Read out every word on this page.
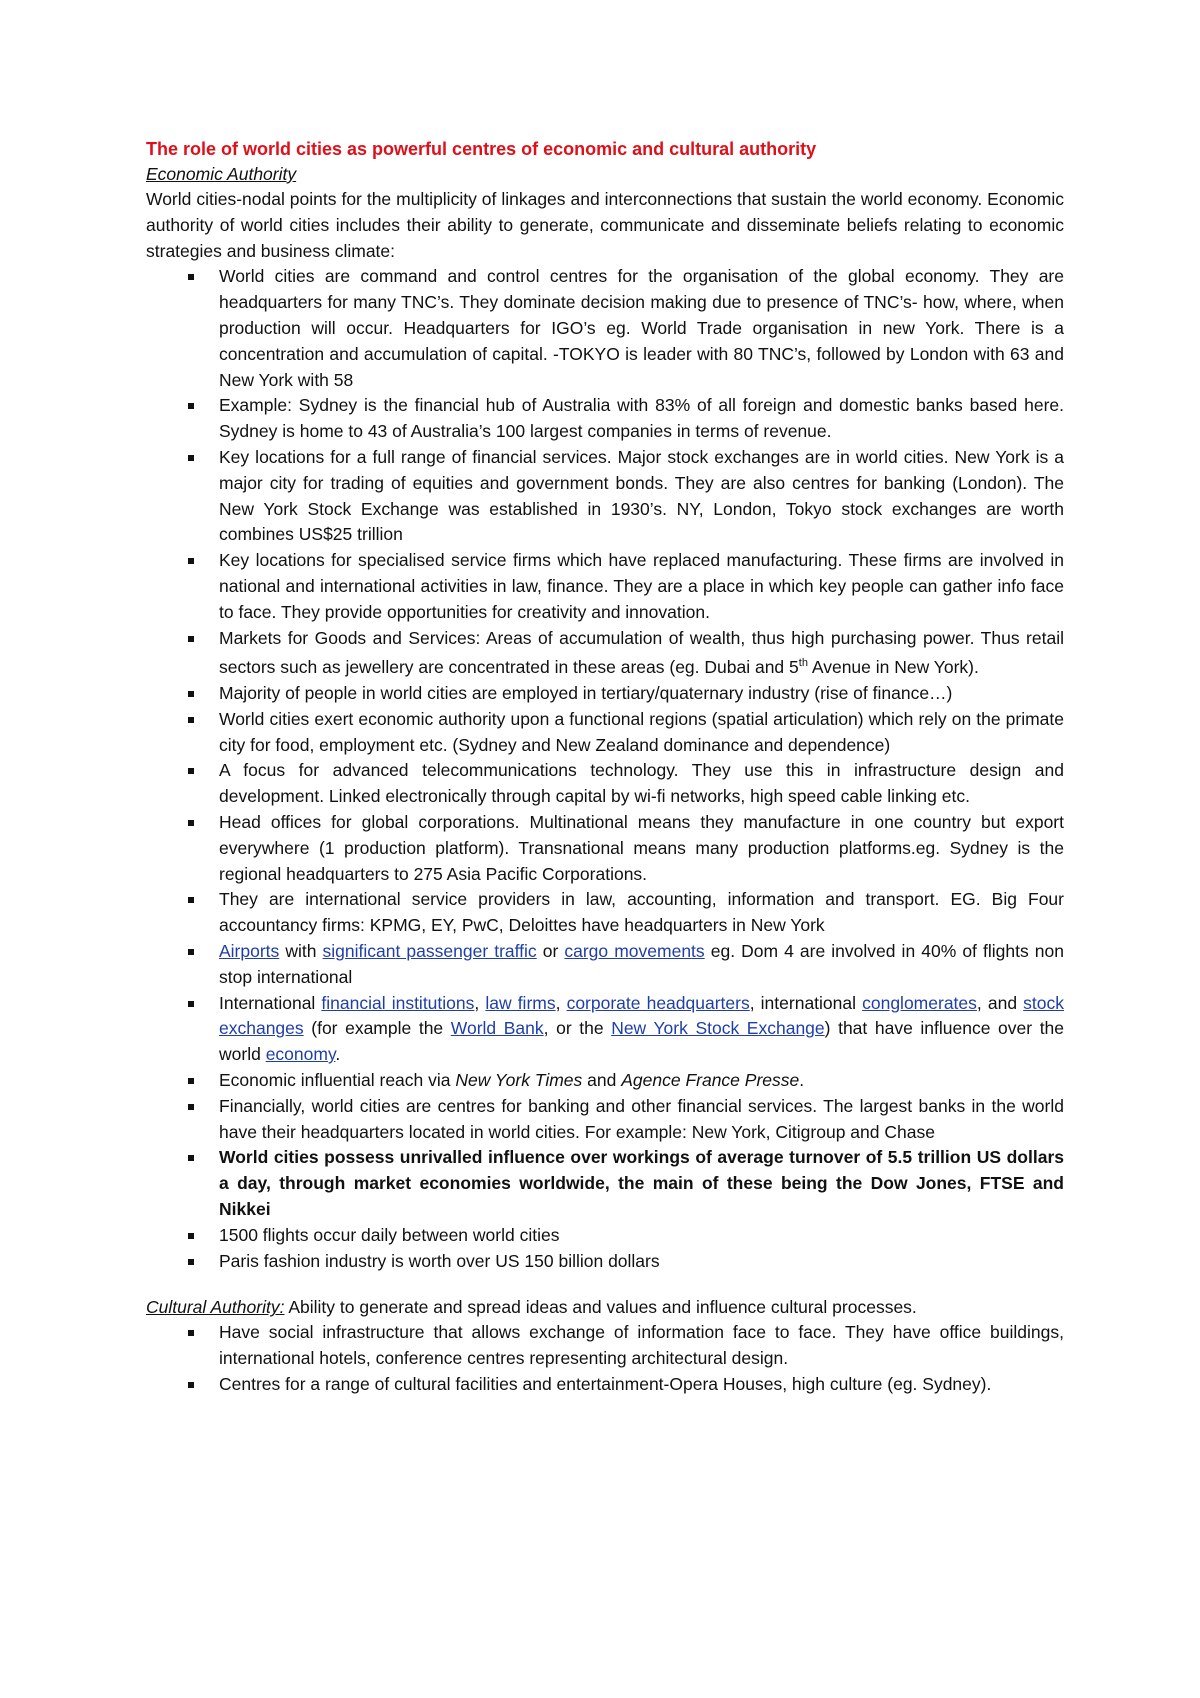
The role of world cities as powerful centres of economic and cultural authority
Economic Authority
World cities-nodal points for the multiplicity of linkages and interconnections that sustain the world economy. Economic authority of world cities includes their ability to generate, communicate and disseminate beliefs relating to economic strategies and business climate:
World cities are command and control centres for the organisation of the global economy. They are headquarters for many TNC’s. They dominate decision making due to presence of TNC’s- how, where, when production will occur. Headquarters for IGO’s eg. World Trade organisation in new York. There is a concentration and accumulation of capital. -TOKYO is leader with 80 TNC’s, followed by London with 63 and New York with 58
Example: Sydney is the financial hub of Australia with 83% of all foreign and domestic banks based here. Sydney is home to 43 of Australia’s 100 largest companies in terms of revenue.
Key locations for a full range of financial services. Major stock exchanges are in world cities. New York is a major city for trading of equities and government bonds. They are also centres for banking (London). The New York Stock Exchange was established in 1930’s. NY, London, Tokyo stock exchanges are worth combines US$25 trillion
Key locations for specialised service firms which have replaced manufacturing. These firms are involved in national and international activities in law, finance. They are a place in which key people can gather info face to face. They provide opportunities for creativity and innovation.
Markets for Goods and Services: Areas of accumulation of wealth, thus high purchasing power. Thus retail sectors such as jewellery are concentrated in these areas (eg. Dubai and 5th Avenue in New York).
Majority of people in world cities are employed in tertiary/quaternary industry (rise of finance…)
World cities exert economic authority upon a functional regions (spatial articulation) which rely on the primate city for food, employment etc. (Sydney and New Zealand dominance and dependence)
A focus for advanced telecommunications technology. They use this in infrastructure design and development. Linked electronically through capital by wi-fi networks, high speed cable linking etc.
Head offices for global corporations. Multinational means they manufacture in one country but export everywhere (1 production platform). Transnational means many production platforms.eg. Sydney is the regional headquarters to 275 Asia Pacific Corporations.
They are international service providers in law, accounting, information and transport. EG. Big Four accountancy firms: KPMG, EY, PwC, Deloittes have headquarters in New York
Airports with significant passenger traffic or cargo movements eg. Dom 4 are involved in 40% of flights non stop international
International financial institutions, law firms, corporate headquarters, international conglomerates, and stock exchanges (for example the World Bank, or the New York Stock Exchange) that have influence over the world economy.
Economic influential reach via New York Times and Agence France Presse.
Financially, world cities are centres for banking and other financial services. The largest banks in the world have their headquarters located in world cities. For example: New York, Citigroup and Chase
World cities possess unrivalled influence over workings of average turnover of 5.5 trillion US dollars a day, through market economies worldwide, the main of these being the Dow Jones, FTSE and Nikkei
1500 flights occur daily between world cities
Paris fashion industry is worth over US 150 billion dollars
Cultural Authority: Ability to generate and spread ideas and values and influence cultural processes.
Have social infrastructure that allows exchange of information face to face. They have office buildings, international hotels, conference centres representing architectural design.
Centres for a range of cultural facilities and entertainment-Opera Houses, high culture (eg. Sydney).
